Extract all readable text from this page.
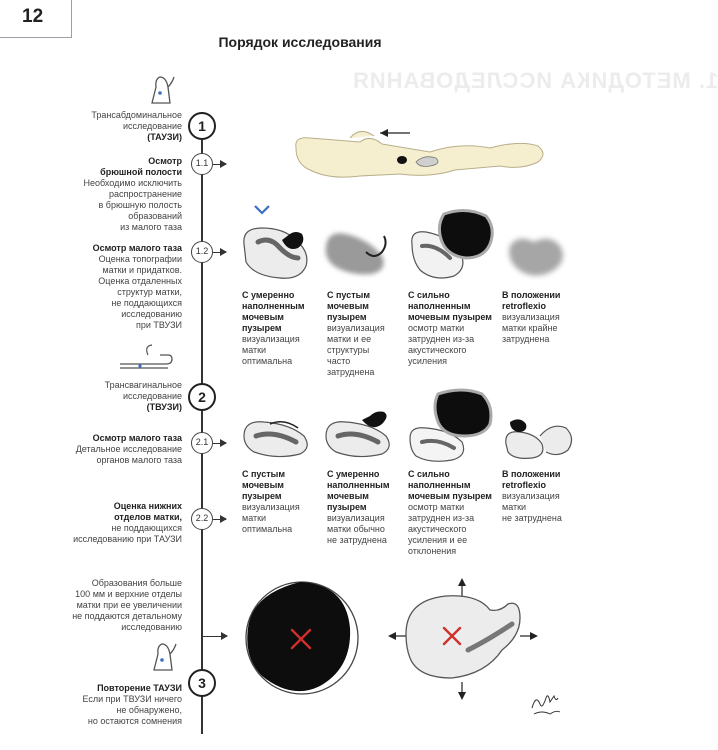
12
1. МЕТОДИКА ИССЛЕДОВАНИЯ
Порядок исследования
1
1.1
1.2
2
2.1
2.2
3
Трансабдоминальное
исследование
(ТАУЗИ)
Осмотр
брюшной полости
Необходимо исключить
распространение
в брюшную полость
образований
из малого таза
Осмотр малого таза
Оценка топографии
матки и придатков.
Оценка отдаленных
структур матки,
не поддающихся
исследованию
при ТВУЗИ
Трансвагинальное
исследование
(ТВУЗИ)
Осмотр малого таза
Детальное исследование
органов малого таза
Оценка нижних
отделов матки,
не поддающихся
исследованию при ТАУЗИ
Образования больше
100 мм и верхние отделы
матки при ее увеличении
не поддаются детальному
исследованию
Повторение ТАУЗИ
Если при ТВУЗИ ничего
не обнаружено,
но остаются сомнения
С умеренно
наполненным
мочевым
пузырем
визуализация
матки
оптимальна
С пустым
мочевым
пузырем
визуализация
матки и ее
структуры
часто
затруднена
С сильно
наполненным
мочевым пузырем
осмотр матки
затруднен из-за
акустического
усиления
В положении
retroflexio
визуализация
матки крайне
затруднена
С пустым
мочевым
пузырем
визуализация
матки
оптимальна
С умеренно
наполненным
мочевым
пузырем
визуализация
матки обычно
не затруднена
С сильно
наполненным
мочевым пузырем
осмотр матки
затруднен из-за
акустического
усиления и ее
отклонения
В положении
retroflexio
визуализация
матки
не затруднена
